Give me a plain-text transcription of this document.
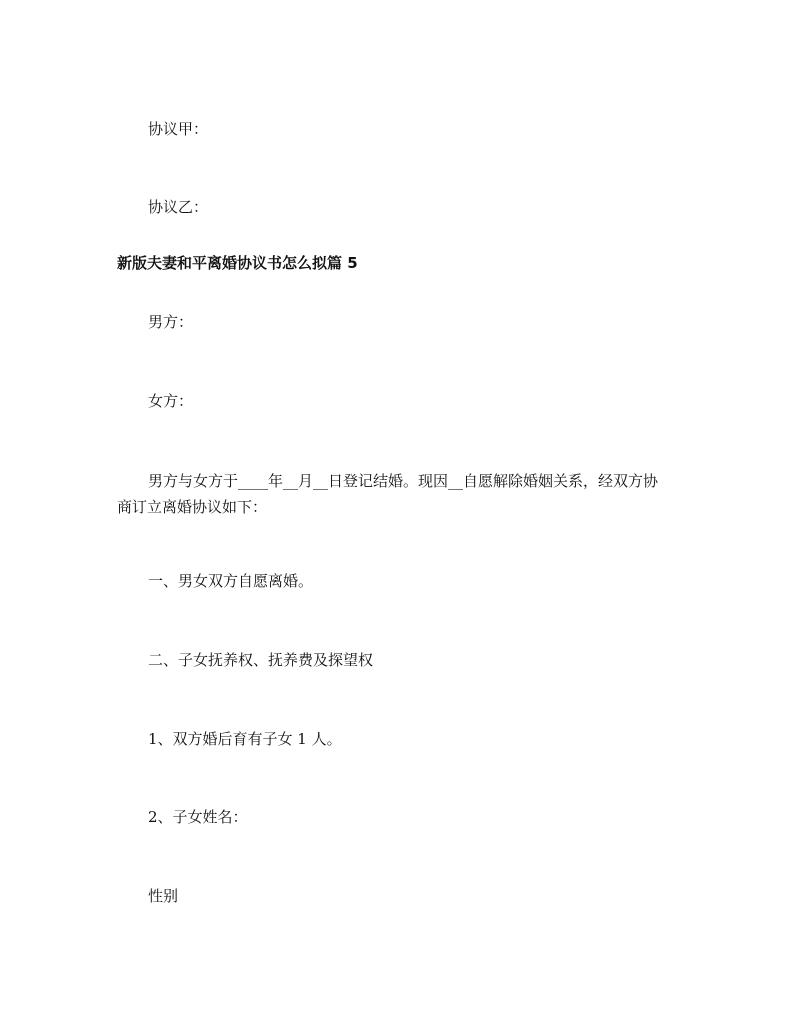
协议甲：
协议乙：
新版夫妻和平离婚协议书怎么拟篇 5
男方：
女方：
男方与女方于____年__月__日登记结婚。现因__自愿解除婚姻关系，经双方协
商订立离婚协议如下：
一、男女双方自愿离婚。
二、子女抚养权、抚养费及探望权
1、双方婚后育有子女 1 人。
2、子女姓名：
性别
